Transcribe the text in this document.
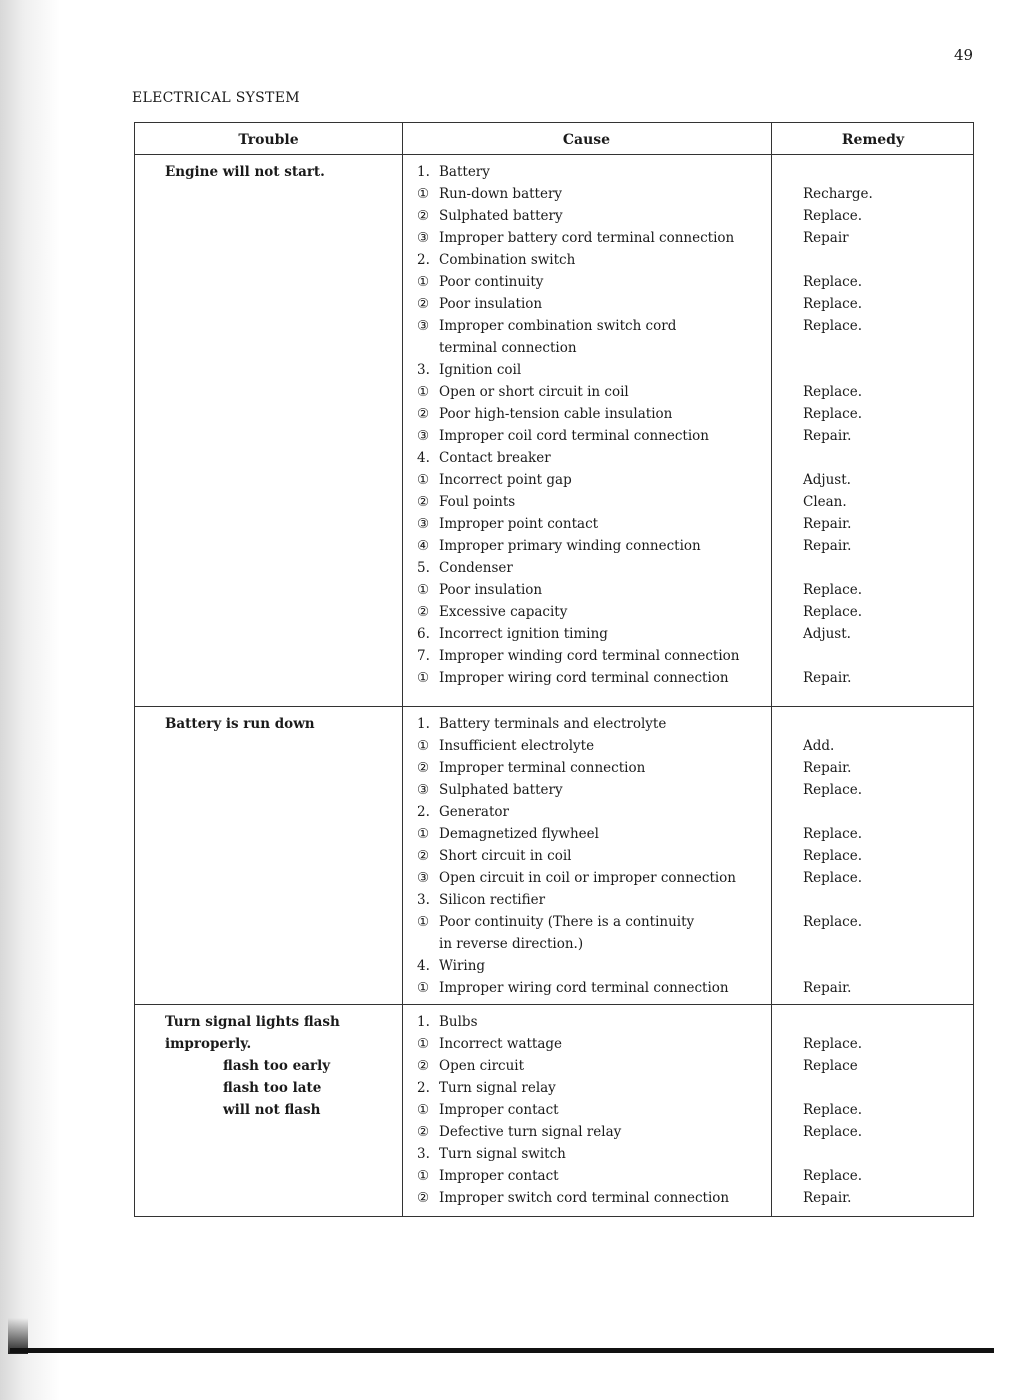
49
ELECTRICAL SYSTEM
Trouble	Cause	Remedy
Engine will not start.	1. Battery
① Run-down battery	Recharge.
② Sulphated battery	Replace.
③ Improper battery cord terminal connection	Repair
2. Combination switch
① Poor continuity	Replace.
② Poor insulation	Replace.
③ Improper combination switch cord	Replace.
terminal connection
3. Ignition coil
① Open or short circuit in coil	Replace.
② Poor high-tension cable insulation	Replace.
③ Improper coil cord terminal connection	Repair.
4. Contact breaker
① Incorrect point gap	Adjust.
② Foul points	Clean.
③ Improper point contact	Repair.
④ Improper primary winding connection	Repair.
5. Condenser
① Poor insulation	Replace.
② Excessive capacity	Replace.
6. Incorrect ignition timing	Adjust.
7. Improper winding cord terminal connection
① Improper wiring cord terminal connection	Repair.
Battery is run down	1. Battery terminals and electrolyte
① Insufficient electrolyte	Add.
② Improper terminal connection	Repair.
③ Sulphated battery	Replace.
2. Generator
① Demagnetized flywheel	Replace.
② Short circuit in coil	Replace.
③ Open circuit in coil or improper connection	Replace.
3. Silicon rectifier
① Poor continuity (There is a continuity	Replace.
in reverse direction.)
4. Wiring
① Improper wiring cord terminal connection	Repair.
Turn signal lights flash
improperly.
flash too early
flash too late
will not flash
1. Bulbs
① Incorrect wattage	Replace.
② Open circuit	Replace
2. Turn signal relay
① Improper contact	Replace.
② Defective turn signal relay	Replace.
3. Turn signal switch
① Improper contact	Replace.
② Improper switch cord terminal connection	Repair.
